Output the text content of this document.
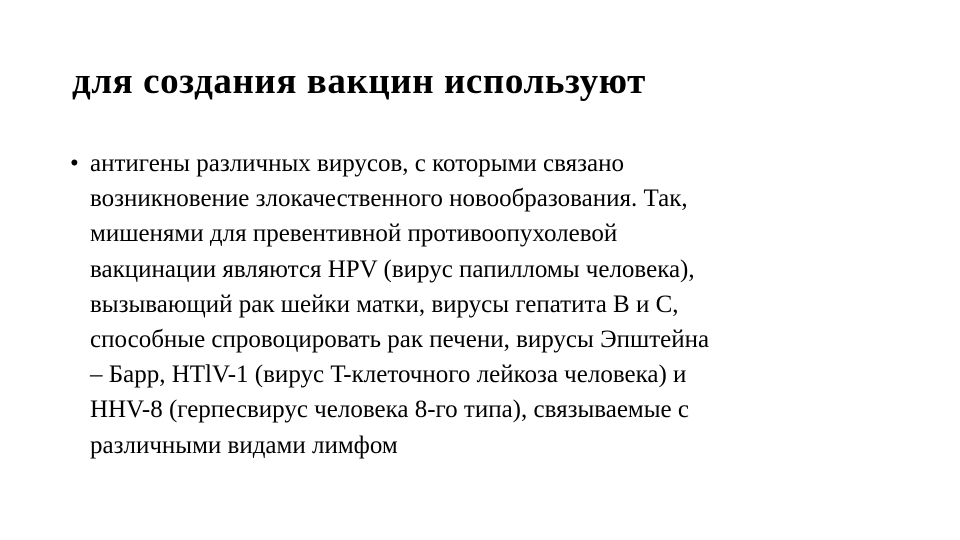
для создания вакцин используют
• антигены различных вирусов, с которыми связано
возникновение злокачественного новообразования. Так,
мишенями для превентивной противоопухолевой
вакцинации являются HPV (вирус папилломы человека),
вызывающий рак шейки матки, вирусы гепатита B и C,
способные спровоцировать рак печени, вирусы Эпштейна
– Барр, HTlV-1 (вирус T-клеточного лейкоза человека) и
HHV-8 (герпесвирус человека 8-го типа), связываемые с
различными видами лимфом
